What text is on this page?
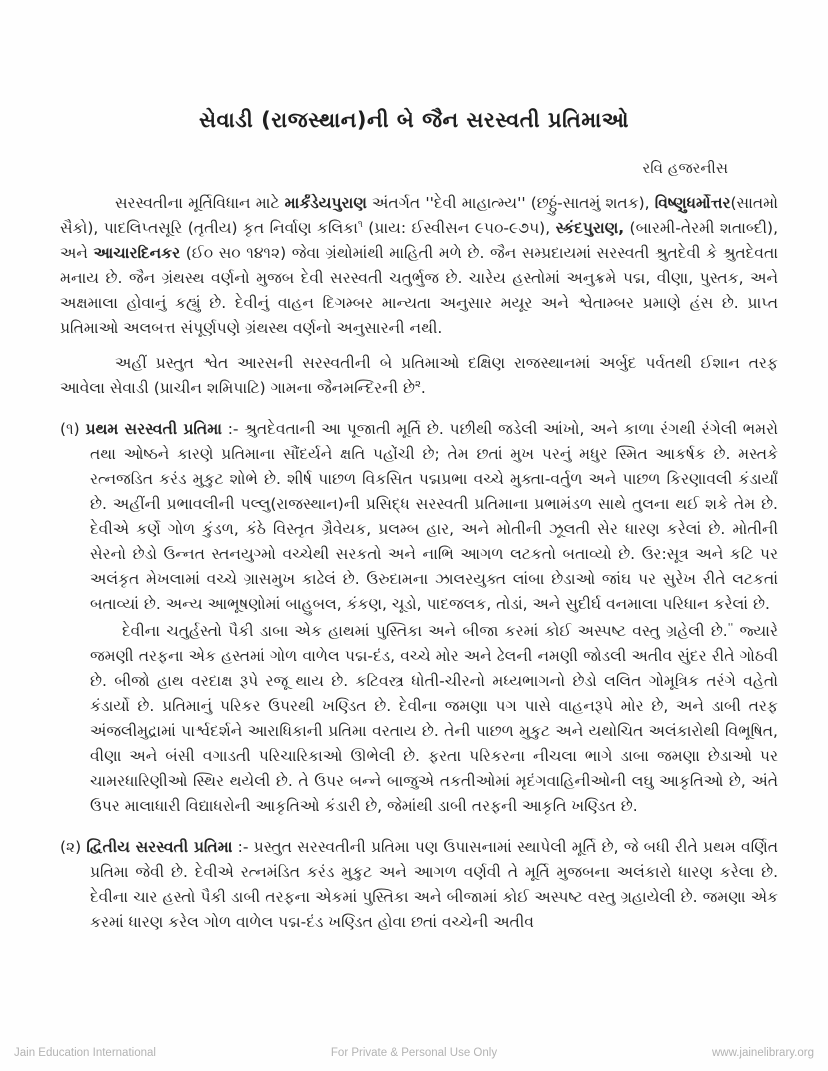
સેવાડી (રાજસ્થાન)ની બે જૈન સરસ્વતી પ્રતિમાઓ
રવિ હજરનીસ

સરસ્વતીના મૂર્તિવિધાન માટે માર્કંડેયપુરાણ અંતર્ગત ''દેવી માહાત્મ્ય'' (છઠ્ઠું-સાતમું શતક), વિષ્ણુધર્મોત્તર(સાતમો સૈકો), પાદલિપ્તસૂરિ (તૃતીય) કૃત નિર્વાણ કલિકા$^૧$ (પ્રાય: ઈસ્વીસન ૯૫૦-૯૭૫), સ્કંદપુરાણ, (બારમી-તેરમી શતાબ્દી), અને આચારદિનકર (ઈ૦ સ૦ ૧૪૧૨) જેવા ગ્રંથોમાંથી માહિતી મળે છે. જૈન સમ્પ્રદાયમાં સરસ્વતી શ્રુતદેવી કે શ્રુતદેવતા મનાય છે. જૈન ગ્રંથસ્થ વર્ણનો મુજબ દેવી સરસ્વતી ચતુર્ભુજ છે. ચારેય હસ્તોમાં અનુક્રમે પદ્મ, વીણા, પુસ્તક, અને અક્ષમાલા હોવાનું કહ્યું છે. દેવીનું વાહન દિગમ્બર માન્યતા અનુસાર મયૂર અને શ્વેતામ્બર પ્રમાણે હંસ છે. પ્રાપ્ત પ્રતિમાઓ અલબત્ત સંપૂર્ણપણે ગ્રંથસ્થ વર્ણનો અનુસારની નથી.

અહીં પ્રસ્તુત શ્વેત આરસની સરસ્વતીની બે પ્રતિમાઓ દક્ષિણ રાજસ્થાનમાં અર્બુદ પર્વતથી ઈશાન તરફ આવેલા સેવાડી (પ્રાચીન શમિપાટિ) ગામના જૈનમન્દિરની છે$^૨$.

(૧) પ્રથમ સરસ્વતી પ્રતિમા :- શ્રુતદેવતાની આ પૂજાતી મૂર્તિ છે. પછીથી જડેલી આંખો, અને કાળા રંગથી રંગેલી ભમરો તથા ઓષ્ઠને કારણે પ્રતિમાના સૌંદર્યને ક્ષતિ પહોંચી છે; તેમ છતાં મુખ પરનું મધુર સ્મિત આકર્ષક છે. મસ્તકે રત્નજડિત કરંડ મુકુટ શોભે છે. શીર્ષ પાછળ વિકસિત પદ્મપ્રભા વચ્ચે મુક્તા-વર્તુળ અને પાછળ કિરણાવલી કંડાર્યાં છે. અહીંની પ્રભાવલીની પલ્લુ(રાજસ્થાન)ની પ્રસિદ્ધ સરસ્વતી પ્રતિમાના પ્રભામંડળ સાથે તુલના થઈ શકે તેમ છે. દેવીએ કર્ણે ગોળ કુંડળ, કંઠે વિસ્તૃત ગ્રૈવેયક, પ્રલમ્બ હાર, અને મોતીની ઝૂલતી સેર ધારણ કરેલાં છે. મોતીની સેરનો છેડો ઉન્નત સ્તનયુગ્મો વચ્ચેથી સરકતો અને નાભિ આગળ લટકતો બતાવ્યો છે. ઉર:સૂત્ર અને કટિ પર અલંકૃત મેખલામાં વચ્ચે ગ્રાસમુખ કાઢેલં છે. ઉરુદામના ઝાલરયુક્ત લાંબા છેડાઓ જાંઘ પર સુરેખ રીતે લટકતાં બતાવ્યાં છે. અન્ય આભૂષણોમાં બાહુબલ, કંકણ, ચૂડો, પાદજલક, તોડાં, અને સુદીર્ઘ વનમાલા પરિધાન કરેલાં છે.

દેવીના ચતુર્હસ્તો પૈકી ડાબા એક હાથમાં પુસ્તિકા અને બીજા કરમાં કોઈ અસ્પષ્ટ વસ્તુ ગ્રહેલી છે.'' જ્યારે જમણી તરફના એક હસ્તમાં ગોળ વાળેલ પદ્મ-દંડ, વચ્ચે મોર અને ઢેલની નમણી જોડલી અતીવ સુંદર રીતે ગોઠવી છે. બીજો હાથ વરદાક્ષ રૂપે રજૂ થાય છે. કટિવસ્ત્ર ધોતી-ચીરનો મધ્યભાગનો છેડો લલિત ગોમૂત્રિક તરંગે વહેતો કંડાર્યો છે. પ્રતિમાનું પરિકર ઉપરથી ખણ્ડિત છે. દેવીના જમણા પગ પાસે વાહનરૂપે મોર છે, અને ડાબી તરફ અંજલીમુદ્રામાં પાર્શ્વદર્શને આરાધિકાની પ્રતિમા વરતાય છે. તેની પાછળ મુકુટ અને યથોચિત અલંકારોથી વિભૂષિત, વીણા અને બંસી વગાડતી પરિચારિકાઓ ઊભેલી છે. ફરતા પરિકરના નીચલા ભાગે ડાબા જમણા છેડાઓ પર ચામરધારિણીઓ સ્થિર થયેલી છે. તે ઉપર બન્ને બાજુએ તકતીઓમાં મૃદંગવાહિનીઓની લઘુ આકૃતિઓ છે, અંતે ઉપર માલાધારી વિદ્યાધરોની આકૃતિઓ કંડારી છે, જેમાંથી ડાબી તરફની આકૃતિ ખણ્ડિત છે.

(૨) દ્વિતીય સરસ્વતી પ્રતિમા :- પ્રસ્તુત સરસ્વતીની પ્રતિમા પણ ઉપાસનામાં સ્થાપેલી મૂર્તિ છે, જે બધી રીતે પ્રથમ વર્ણિત પ્રતિમા જેવી છે. દેવીએ રત્નમંડિત કરંડ મુકુટ અને આગળ વર્ણવી તે મૂર્તિ મુજબના અલંકારો ધારણ કરેલા છે. દેવીના ચાર હસ્તો પૈકી ડાબી તરફના એકમાં પુસ્તિકા અને બીજામાં કોઈ અસ્પષ્ટ વસ્તુ ગ્રહાયેલી છે. જમણા એક કરમાં ધારણ કરેલ ગોળ વાળેલ પદ્મ-દંડ ખણ્ડિત હોવા છતાં વચ્ચેની અતીવ

Jain Education International	For Private & Personal Use Only	www.jainelibrary.org
